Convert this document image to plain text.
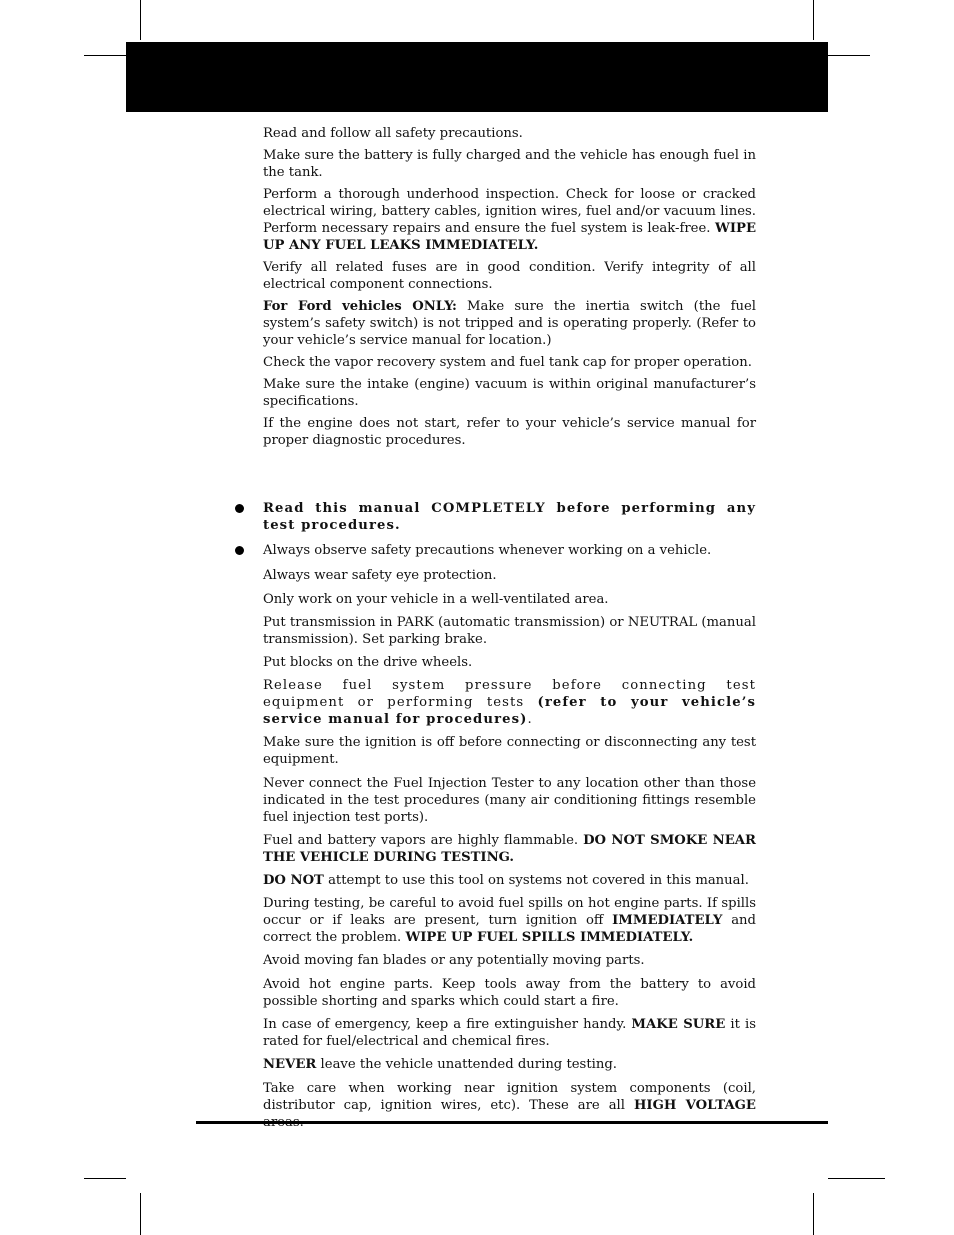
Read and follow all safety precautions.

Make sure the battery is fully charged and the vehicle has enough fuel in the tank.

Perform a thorough underhood inspection. Check for loose or cracked electrical wiring, battery cables, ignition wires, fuel and/or vacuum lines. Perform necessary repairs and ensure the fuel system is leak-free. WIPE UP ANY FUEL LEAKS IMMEDIATELY.

Verify all related fuses are in good condition. Verify integrity of all electrical component connections.

For Ford vehicles ONLY: Make sure the inertia switch (the fuel system’s safety switch) is not tripped and is operating properly. (Refer to your vehicle’s service manual for location.)

Check the vapor recovery system and fuel tank cap for proper operation.

Make sure the intake (engine) vacuum is within original manufacturer’s specifications.

If the engine does not start, refer to your vehicle’s service manual for proper diagnostic procedures.

Read this manual COMPLETELY before performing any test procedures.

Always observe safety precautions whenever working on a vehicle.

Always wear safety eye protection.

Only work on your vehicle in a well-ventilated area.

Put transmission in PARK (automatic transmission) or NEUTRAL (manual transmission). Set parking brake.

Put blocks on the drive wheels.

Release fuel system pressure before connecting test equipment or performing tests (refer to your vehicle’s service manual for procedures).

Make sure the ignition is off before connecting or disconnecting any test equipment.

Never connect the Fuel Injection Tester to any location other than those indicated in the test procedures (many air conditioning fittings resemble fuel injection test ports).

Fuel and battery vapors are highly flammable. DO NOT SMOKE NEAR THE VEHICLE DURING TESTING.

DO NOT attempt to use this tool on systems not covered in this manual.

During testing, be careful to avoid fuel spills on hot engine parts. If spills occur or if leaks are present, turn ignition off IMMEDIATELY and correct the problem. WIPE UP FUEL SPILLS IMMEDIATELY.

Avoid moving fan blades or any potentially moving parts.

Avoid hot engine parts. Keep tools away from the battery to avoid possible shorting and sparks which could start a fire.

In case of emergency, keep a fire extinguisher handy. MAKE SURE it is rated for fuel/electrical and chemical fires.

NEVER leave the vehicle unattended during testing.

Take care when working near ignition system components (coil, distributor cap, ignition wires, etc). These are all HIGH VOLTAGE
